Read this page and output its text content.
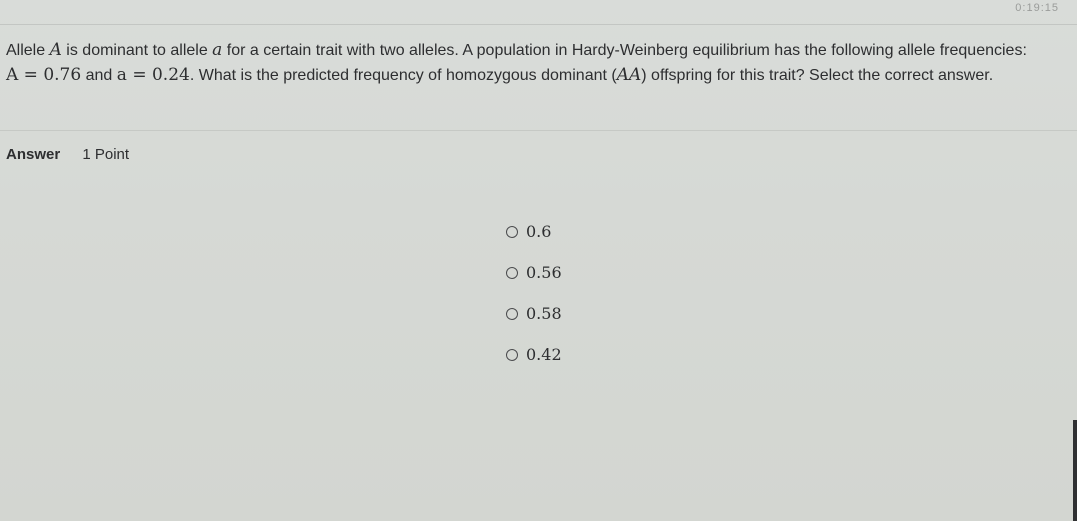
0:19:15
Allele A is dominant to allele a for a certain trait with two alleles. A population in Hardy-Weinberg equilibrium has the following allele frequencies:
A = 0.76 and a = 0.24. What is the predicted frequency of homozygous dominant (AA) offspring for this trait? Select the correct answer.
Answer 1 Point
0.6
0.56
0.58
0.42
